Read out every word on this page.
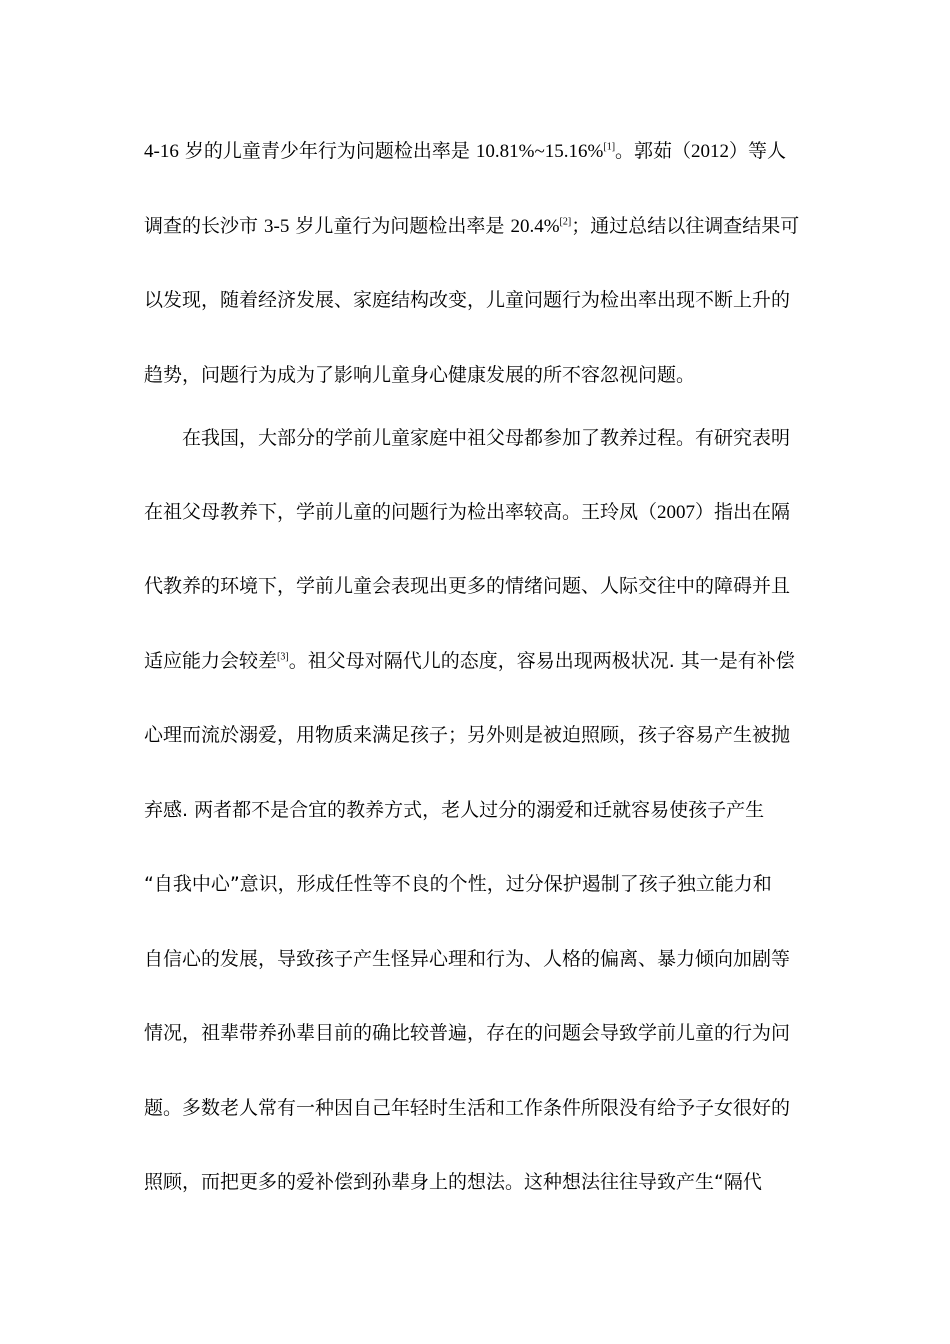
4-16 岁的儿童青少年行为问题检出率是 10.81%~15.16%[1]。郭茹（2012）等人
调查的长沙市 3-5 岁儿童行为问题检出率是 20.4%[2]；通过总结以往调查结果可
以发现，随着经济发展、家庭结构改变，儿童问题行为检出率出现不断上升的
趋势，问题行为成为了影响儿童身心健康发展的所不容忽视问题。
在我国，大部分的学前儿童家庭中祖父母都参加了教养过程。有研究表明
在祖父母教养下，学前儿童的问题行为检出率较高。王玲凤（2007）指出在隔
代教养的环境下，学前儿童会表现出更多的情绪问题、人际交往中的障碍并且
适应能力会较差[3]。祖父母对隔代儿的态度，容易出现两极状况. 其一是有补偿
心理而流於溺爱，用物质来满足孩子；另外则是被迫照顾，孩子容易产生被抛
弃感. 两者都不是合宜的教养方式，老人过分的溺爱和迁就容易使孩子产生
“自我中心”意识，形成任性等不良的个性，过分保护遏制了孩子独立能力和
自信心的发展，导致孩子产生怪异心理和行为、人格的偏离、暴力倾向加剧等
情况，祖辈带养孙辈目前的确比较普遍，存在的问题会导致学前儿童的行为问
题。多数老人常有一种因自己年轻时生活和工作条件所限没有给予子女很好的
照顾，而把更多的爱补偿到孙辈身上的想法。这种想法往往导致产生“隔代
